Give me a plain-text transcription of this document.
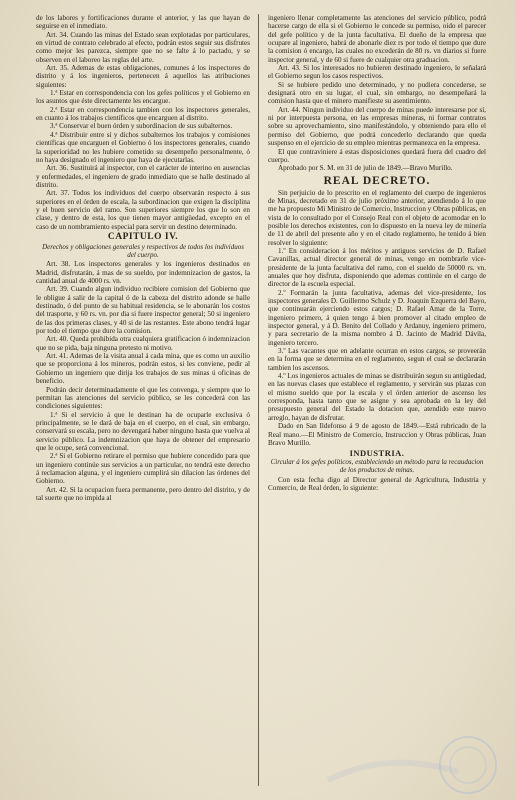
de los labores y fortificaciones durante el anterior, y las que hayan de seguirse en el inmediato.

Art. 34. Cuando las minas del Estado sean explotadas por particulares, en virtud de contrato celebrado al efecto, podrán estos seguir sus disfrutes como mejor les parezca, siempre que no se falte á lo pactado, y se observen en el laboreo las reglas del arte.

Art. 35. Ademas de estas obligaciones, comunes á los inspectores de distrito y á los ingenieros, pertenecen á aquellos las atribuciones siguientes:

1.ª Estar en correspondencia con los gefes políticos y el Gobierno en los asuntos que éste directamente les encargue.

2.ª Estar en correspondencia tambien con los inspectores generales, en cuanto á los trabajos científicos que encarguen al distrito.

3.ª Conservar el buen órden y subordinacion de sus subalternos.

4.ª Distribuir entre sí y dichos subalternos los trabajos y comisiones científicas que encarguen el Gobierno ó los inspectores generales, cuando la superioridad no les hubiere cometido su desempeño personalmente, ó no haya designado el ingeniero que haya de ejecutarlas.

Art. 36. Sustituirá al inspector, con el carácter de interino en ausencias y enfermedades, el ingeniero de grado inmediato que se halle destinado al distrito.

Art. 37. Todos los individuos del cuerpo observarán respecto á sus superiores en el órden de escala, la subordinacion que exigen la disciplina y el buen servicio del ramo. Son superiores siempre los que lo son en clase, y dentro de esta, los que tienen mayor antigüedad, excepto en el caso de un nombramiento especial para servir un destino determinado.

CAPITULO IV.
Derechos y obligaciones generales y respectivos de todos los individuos del cuerpo.

Art. 38. Los inspectores generales y los ingenieros destinados en Madrid, disfrutarán, á mas de su sueldo, por indemnizacion de gastos, la cantidad anual de 4000 rs. vn.

Art. 39. Cuando algun individuo recibiere comision del Gobierno que le obligue á salir de la capital ó de la cabeza del distrito adonde se halle destinado, ó del punto de su habitual residencia, se le abonarán los costos del trasporte, y 60 rs. vn. por dia si fuere inspector general; 50 si ingeniero de las dos primeras clases, y 40 si de las restantes. Este abono tendrá lugar por todo el tiempo que dure la comision.

Art. 40. Queda prohibida otra cualquiera gratificacion ó indemnizacion que no se pida, baja ninguna pretesto ni motivo.

Art. 41. Ademas de la visita anual á cada mina, que es como un auxilio que se proporciona á los mineros, podrán estos, si les conviene, pedir al Gobierno un ingeniero que dirija los trabajos de sus minas ú oficinas de beneficio.

Podrán decir determinadamente el que les convenga, y siempre que lo permitan las atenciones del servicio público, se les concederá con las condiciones siguientes:

1.ª Si el servicio á que le destinan ha de ocuparle exclusiva ó principalmente, se le dará de baja en el cuerpo, en el cual, sin embargo, conservará su escala, pero no devengará haber ninguno hasta que vuelva al servicio público. La indemnizacion que haya de obtener del empresario que le ocupe, será convencional.

2.ª Si el Gobierno retirare el permiso que hubiere concedido para que un ingeniero continúe sus servicios a un particular, no tendrá este derecho á reclamacion alguna, y el ingeniero cumplirá sin dilacion las órdenes del Gobierno.

Art. 42. Si la ocupacion fuera permanente, pero dentro del distrito, y de tal suerte que no impida al

ingeniero llenar completamente las atenciones del servicio público, podrá hacerse cargo de ella si el Gobierno le concede su permiso, oido el parecer del gefe político y de la junta facultativa. El dueño de la empresa que ocupare al ingeniero, habrá de abonarle diez rs por todo el tiempo que dure la comision ó encargo, las cuales no excederán de 80 rs. vn diarios si fuere inspector general, y de 60 si fuere de cualquier otra graduacion.

Art. 43. Si los interesados no hubieren destinado ingeniero, le señalará el Gobierno segun los casos respectivos.

Si se hubiere pedido uno determinado, y no pudiera concederse, se designará otro en su lugar, el cual, sin embargo, no desempeñará la comision hasta que el minero manifieste su asentimiento.

Art. 44. Ningun individuo del cuerpo de minas puede interesarse por sí, ni por interpuesta persona, en las empresas mineras, ni formar contratos sobre su aprovechamiento, sino manifestándolo, y obteniendo para ello el permiso del Gobierno, que podrá concederlo declarando que queda suspenso en el ejercicio de su empleo mientras permanezca en la empresa.

El que contraviniere á estas disposiciones quedará fuera del cuadro del cuerpo.

Aprobado por S. M. en 31 de julio de 1849.—Bravo Murillo.

REAL DECRETO.

Sin perjuicio de lo prescrito en el reglamento del cuerpo de ingenieros de Minas, decretado en 31 de julio próximo anterior, atendiendo á lo que me ha propuesto Mi Ministro de Comercio, Instruccion y Obras públicas, en vista de lo consultado por el Consejo Real con el objeto de acomodar en lo posible los derechos existentes, con lo dispuesto en la nueva ley de minería de 11 de abril del presente año y en el citado reglamento, he tenido á bien resolver lo siguiente:

1.º En consideracion á los méritos y antiguos servicios de D. Rafael Cavanillas, actual director general de minas, vengo en nombrarle vice-presidente de la junta facultativa del ramo, con el sueldo de 50000 rs. vn. anuales que hoy disfruta, disponiendo que ademas continúe en el cargo de director de la escuela especial.

2.º Formarán la junta facultativa, ademas del vice-presidente, los inspectores generales D. Guillermo Schulz y D. Joaquin Ezquerra del Bayo, que continuarán ejerciendo estos cargos; D. Rafael Amar de la Torre, ingeniero primero, á quien tengo á bien promover al citado empleo de inspector general, y á D. Benito del Collado y Ardanuy, ingeniero primero, y para secretario de la misma nombro á D. Jacinto de Madrid Dávila, ingeniero tercero.

3.º Las vacantes que en adelante ocurran en estos cargos, se proveerán en la forma que se determina en el reglamento, segun el cual se declararán tambien los ascensos.

4.º Los ingenieros actuales de minas se distribuirán segun su antigüedad, en las nuevas clases que establece el reglamento, y servirán sus plazas con el mismo sueldo que por la escala y el órden anterior de ascenso les corresponda, hasta tanto que se asigne y sea aprobada en la ley del presupuesto general del Estado la dotacion que, atendido este nuevo arreglo, hayan de disfrutar.

Dado en San Ildefonso á 9 de agosto de 1849.—Está rubricado de la Real mano.—El Ministro de Comercio, Instruccion y Obras públicas, Juan Bravo Murillo.

INDUSTRIA.
Circular á los gefes políticos, estableciendo un método para la recaudacion de los productos de minas.

Con esta fecha digo al Director general de Agricultura, Industria y Comercio, de Real órden, lo siguiente:
